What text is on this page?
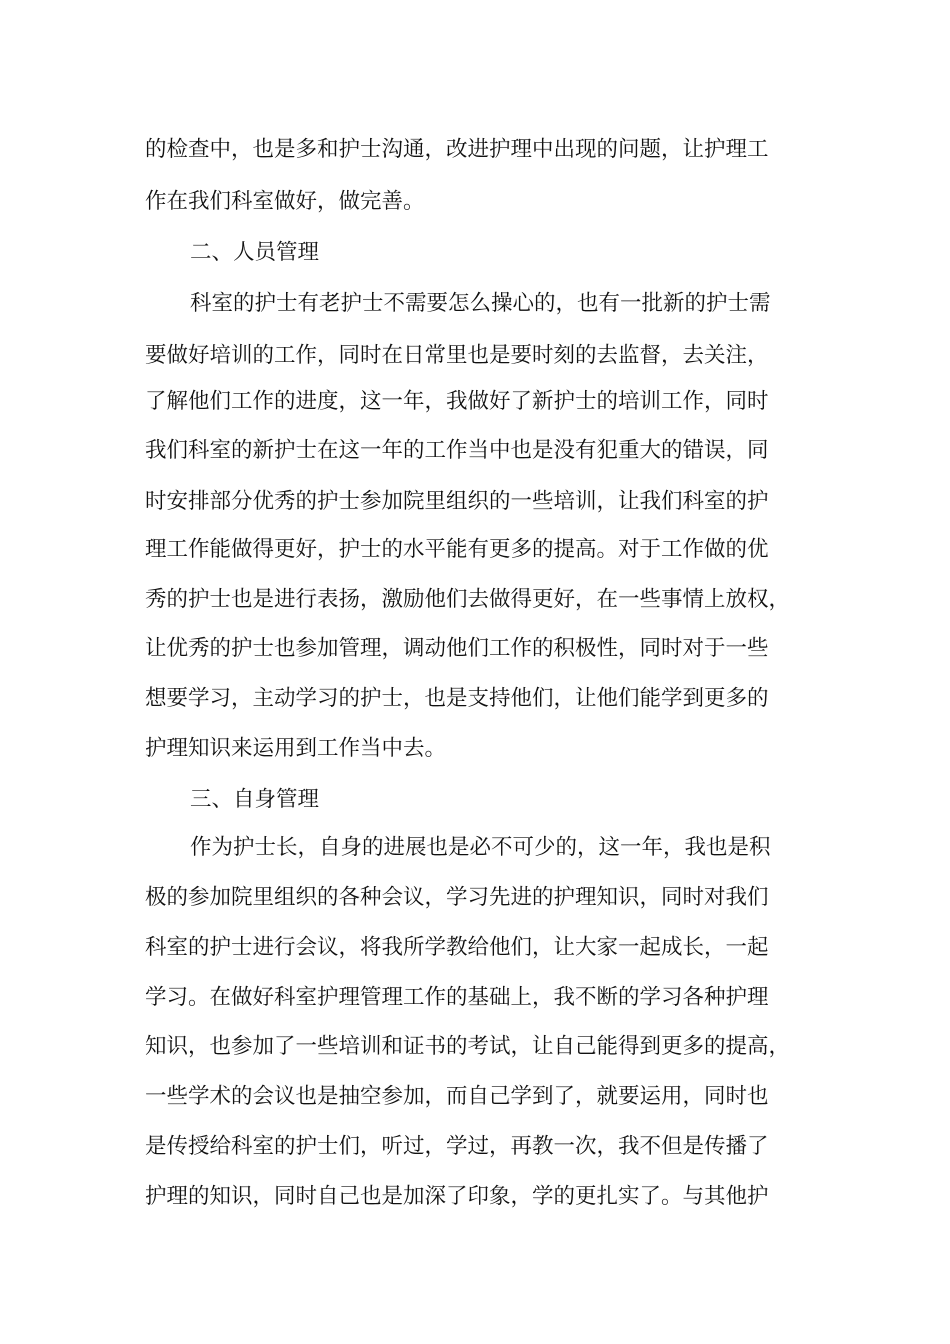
的检查中，也是多和护士沟通，改进护理中出现的问题，让护理工
作在我们科室做好，做完善。
二、人员管理
科室的护士有老护士不需要怎么操心的，也有一批新的护士需
要做好培训的工作，同时在日常里也是要时刻的去监督，去关注，
了解他们工作的进度，这一年，我做好了新护士的培训工作，同时
我们科室的新护士在这一年的工作当中也是没有犯重大的错误，同
时安排部分优秀的护士参加院里组织的一些培训，让我们科室的护
理工作能做得更好，护士的水平能有更多的提高。对于工作做的优
秀的护士也是进行表扬，激励他们去做得更好，在一些事情上放权，
让优秀的护士也参加管理，调动他们工作的积极性，同时对于一些
想要学习，主动学习的护士，也是支持他们，让他们能学到更多的
护理知识来运用到工作当中去。
三、自身管理
作为护士长，自身的进展也是必不可少的，这一年，我也是积
极的参加院里组织的各种会议，学习先进的护理知识，同时对我们
科室的护士进行会议，将我所学教给他们，让大家一起成长，一起
学习。在做好科室护理管理工作的基础上，我不断的学习各种护理
知识，也参加了一些培训和证书的考试，让自己能得到更多的提高，
一些学术的会议也是抽空参加，而自己学到了，就要运用，同时也
是传授给科室的护士们，听过，学过，再教一次，我不但是传播了
护理的知识，同时自己也是加深了印象，学的更扎实了。与其他护
